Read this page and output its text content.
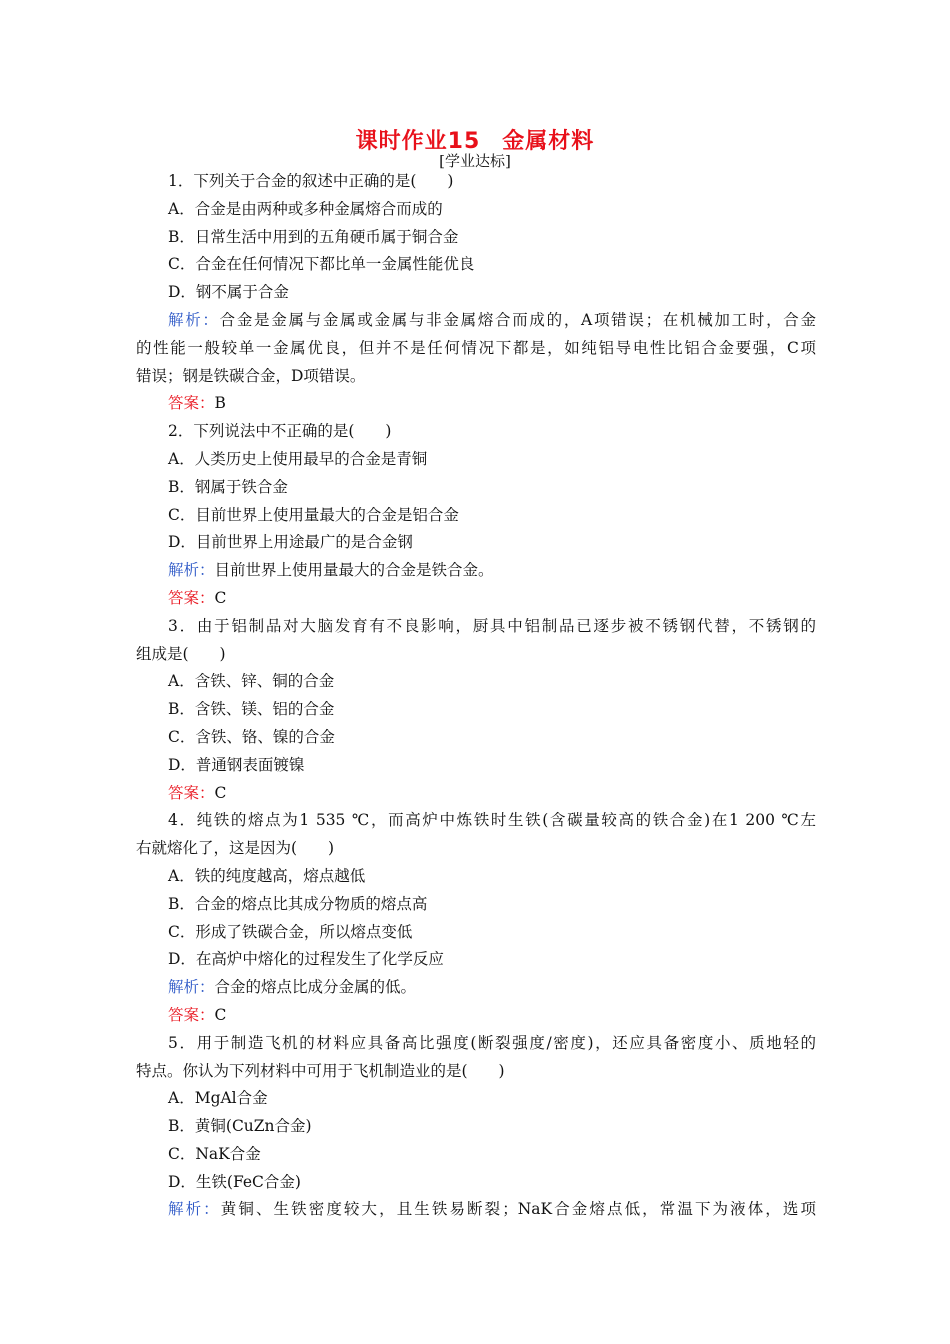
课时作业15 金属材料
[学业达标]
1．下列关于合金的叙述中正确的是(　　)
A．合金是由两种或多种金属熔合而成的
B．日常生活中用到的五角硬币属于铜合金
C．合金在任何情况下都比单一金属性能优良
D．钢不属于合金
解析：合金是金属与金属或金属与非金属熔合而成的，A项错误；在机械加工时，合金
的性能一般较单一金属优良，但并不是任何情况下都是，如纯铝导电性比铝合金要强，C项
错误；钢是铁碳合金，D项错误。
答案：B
2．下列说法中不正确的是(　　)
A．人类历史上使用最早的合金是青铜
B．钢属于铁合金
C．目前世界上使用量最大的合金是铝合金
D．目前世界上用途最广的是合金钢
解析：目前世界上使用量最大的合金是铁合金。
答案：C
3．由于铝制品对大脑发育有不良影响，厨具中铝制品已逐步被不锈钢代替，不锈钢的
组成是(　　)
A．含铁、锌、铜的合金
B．含铁、镁、铝的合金
C．含铁、铬、镍的合金
D．普通钢表面镀镍
答案：C
4．纯铁的熔点为1 535 ℃，而高炉中炼铁时生铁(含碳量较高的铁合金)在1 200 ℃左
右就熔化了，这是因为(　　)
A．铁的纯度越高，熔点越低
B．合金的熔点比其成分物质的熔点高
C．形成了铁碳合金，所以熔点变低
D．在高炉中熔化的过程发生了化学反应
解析：合金的熔点比成分金属的低。
答案：C
5．用于制造飞机的材料应具备高比强度(断裂强度/密度)，还应具备密度小、质地轻的
特点。你认为下列材料中可用于飞机制造业的是(　　)
A．MgAl合金
B．黄铜(CuZn合金)
C．NaK合金
D．生铁(FeC合金)
解析：黄铜、生铁密度较大，且生铁易断裂；NaK合金熔点低，常温下为液体，选项
